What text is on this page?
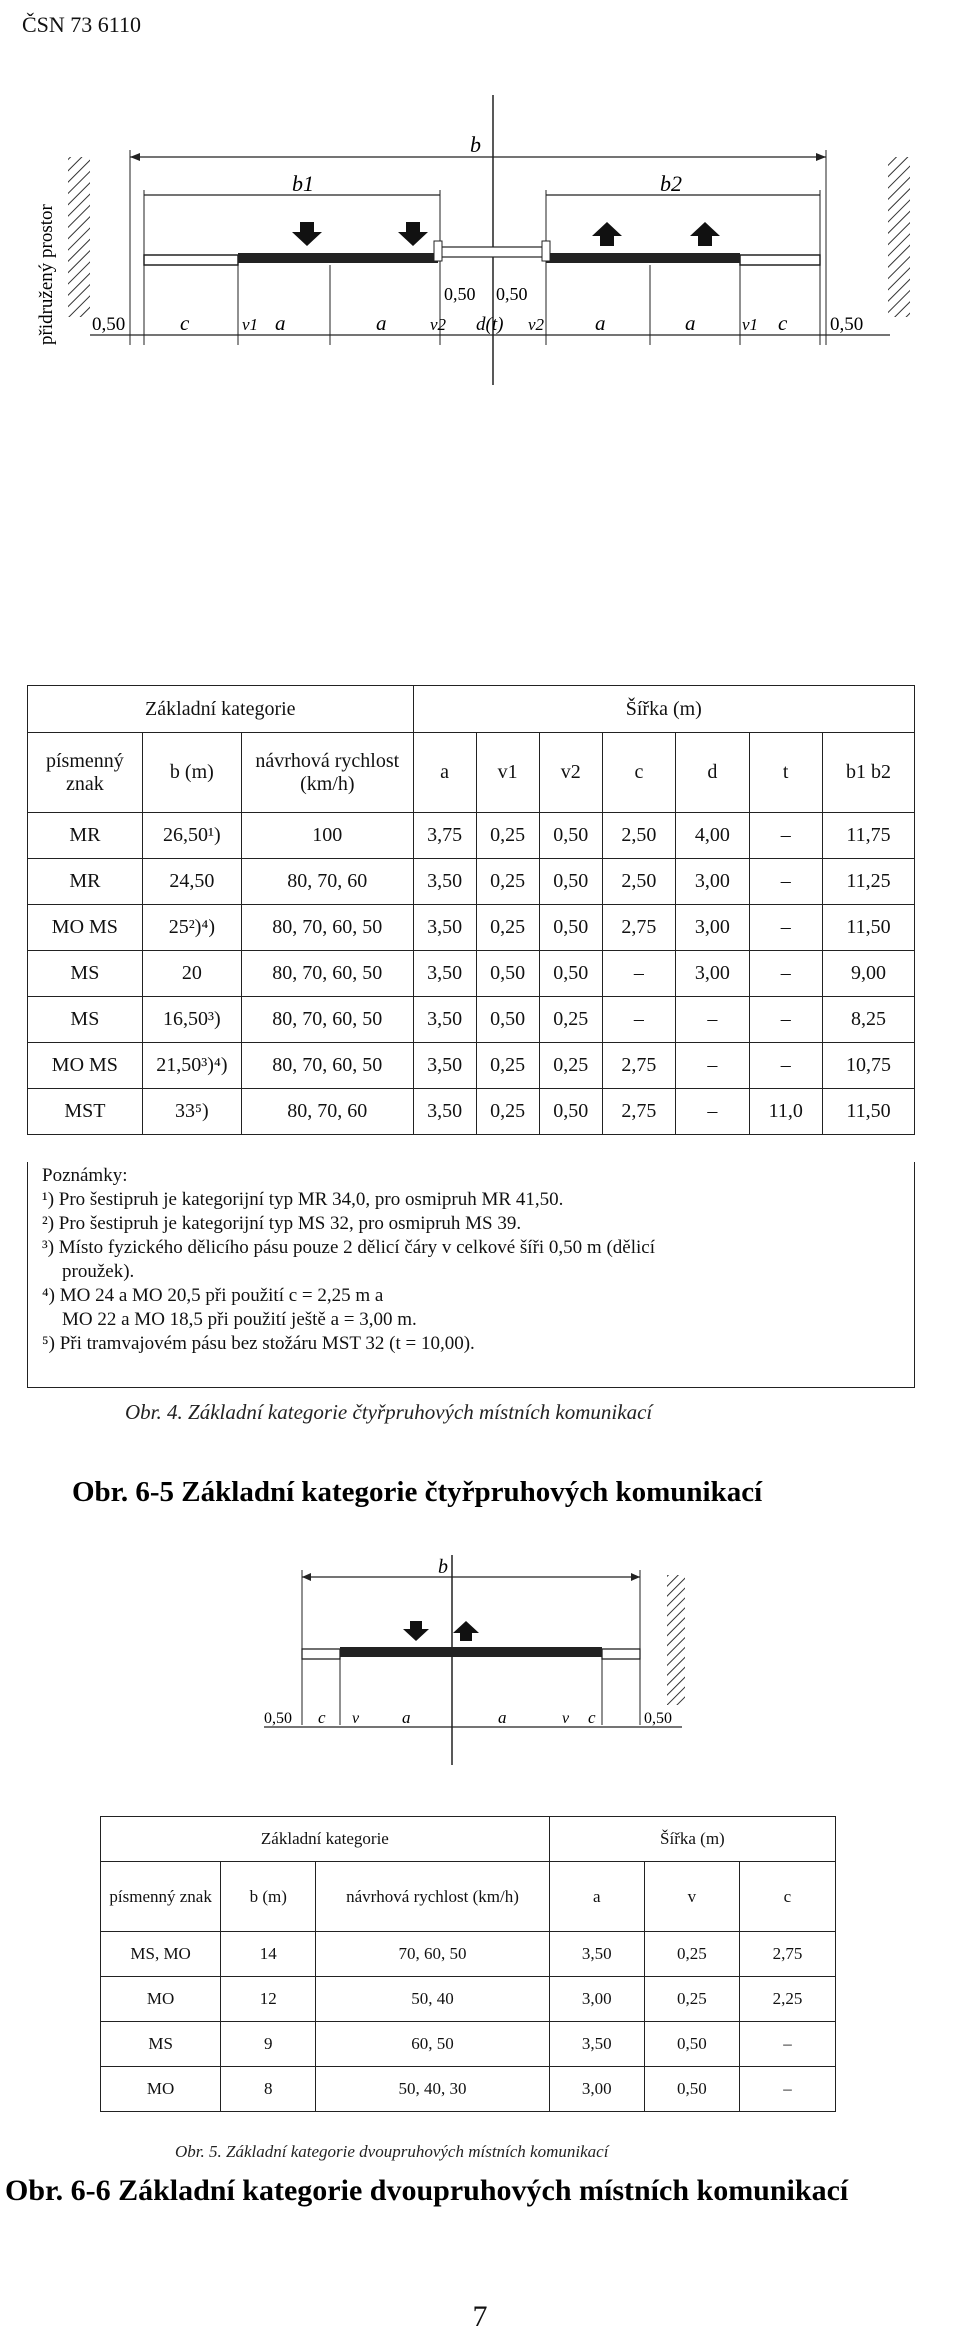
ČSN 73 6110
přidružený prostor
b
b1	b2
0,50 0,50
0,50	c	v1 a	a	v2 d(t) v2 a	a	v1 c 0,50
Základní kategorie			Šířka (m)						
písmenný znak	b (m)	návrhová rychlost (km/h)	a	v1	v2	c	d	t	b1 b2
MR	26,50¹)	100	3,75	0,25	0,50	2,50	4,00	–	11,75
MR	24,50	80, 70, 60	3,50	0,25	0,50	2,50	3,00	–	11,25
MO MS	25²)⁴)	80, 70, 60, 50	3,50	0,25	0,50	2,75	3,00	–	11,50
MS	20	80, 70, 60, 50	3,50	0,50	0,50	–	3,00	–	9,00
MS	16,50³)	80, 70, 60, 50	3,50	0,50	0,25	–	–	–	8,25
MO MS	21,50³)⁴)	80, 70, 60, 50	3,50	0,25	0,25	2,75	–	–	10,75
MST	33⁵)	80, 70, 60	3,50	0,25	0,50	2,75	–	11,0	11,50
Poznámky:
¹) Pro šestipruh je kategorijní typ MR 34,0, pro osmipruh MR 41,50.
²) Pro šestipruh je kategorijní typ MS 32, pro osmipruh MS 39.
³) Místo fyzického dělicího pásu pouze 2 dělicí čáry v celkové šíři 0,50 m (dělicí
proužek).
⁴) MO 24 a MO 20,5 při použití c = 2,25 m a
MO 22 a MO 18,5 při použití ještě a = 3,00 m.
⁵) Při tramvajovém pásu bez stožáru MST 32 (t = 10,00).
Obr. 4. Základní kategorie čtyřpruhových místních komunikací
Obr. 6-5 Základní kategorie čtyřpruhových komunikací
b
0,50 c v	a	a	v c	0,50
Základní kategorie			Šířka (m)		
písmenný znak	b (m)	návrhová rychlost (km/h)	a	v	c
MS, MO	14	70, 60, 50	3,50	0,25	2,75
MO	12	50, 40	3,00	0,25	2,25
MS	9	60, 50	3,50	0,50	–
MO	8	50, 40, 30	3,00	0,50	–
Obr. 5. Základní kategorie dvoupruhových místních komunikací
Obr. 6-6 Základní kategorie dvoupruhových místních komunikací
7
